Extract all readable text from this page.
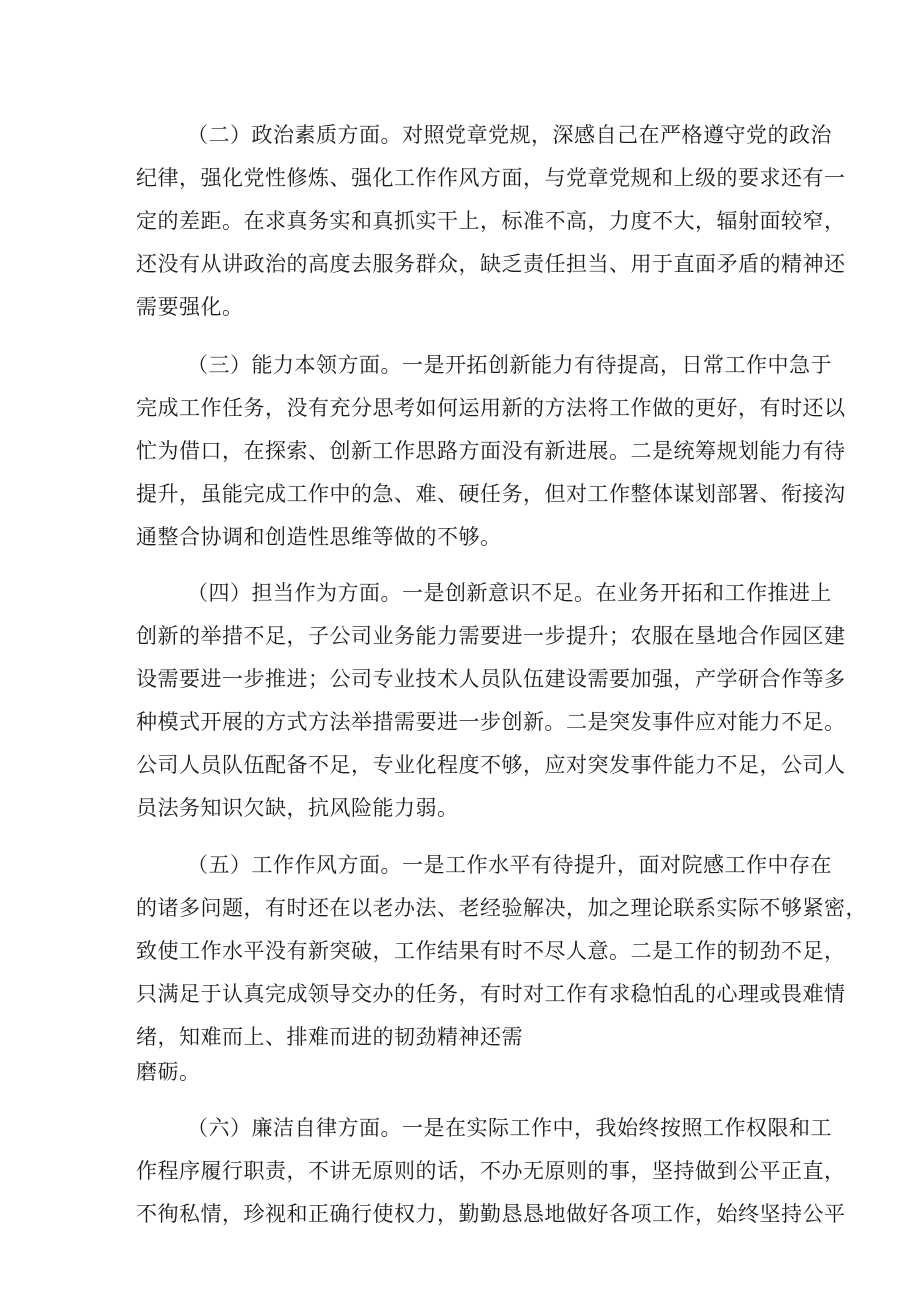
（二）政治素质方面。对照党章党规，深感自己在严格遵守党的政治
纪律，强化党性修炼、强化工作作风方面，与党章党规和上级的要求还有一
定的差距。在求真务实和真抓实干上，标准不高，力度不大，辐射面较窄，
还没有从讲政治的高度去服务群众，缺乏责任担当、用于直面矛盾的精神还
需要强化。
（三）能力本领方面。一是开拓创新能力有待提高，日常工作中急于
完成工作任务，没有充分思考如何运用新的方法将工作做的更好，有时还以
忙为借口，在探索、创新工作思路方面没有新进展。二是统筹规划能力有待
提升，虽能完成工作中的急、难、硬任务，但对工作整体谋划部署、衔接沟
通整合协调和创造性思维等做的不够。
（四）担当作为方面。一是创新意识不足。在业务开拓和工作推进上
创新的举措不足，子公司业务能力需要进一步提升；农服在垦地合作园区建
设需要进一步推进；公司专业技术人员队伍建设需要加强，产学研合作等多
种模式开展的方式方法举措需要进一步创新。二是突发事件应对能力不足。
公司人员队伍配备不足，专业化程度不够，应对突发事件能力不足，公司人
员法务知识欠缺，抗风险能力弱。
（五）工作作风方面。一是工作水平有待提升，面对院感工作中存在
的诸多问题，有时还在以老办法、老经验解决，加之理论联系实际不够紧密，
致使工作水平没有新突破，工作结果有时不尽人意。二是工作的韧劲不足，
只满足于认真完成领导交办的任务，有时对工作有求稳怕乱的心理或畏难情
绪，知难而上、排难而进的韧劲精神还需
磨砺。
（六）廉洁自律方面。一是在实际工作中，我始终按照工作权限和工
作程序履行职责，不讲无原则的话，不办无原则的事，坚持做到公平正直，
不徇私情，珍视和正确行使权力，勤勤恳恳地做好各项工作，始终坚持公平
